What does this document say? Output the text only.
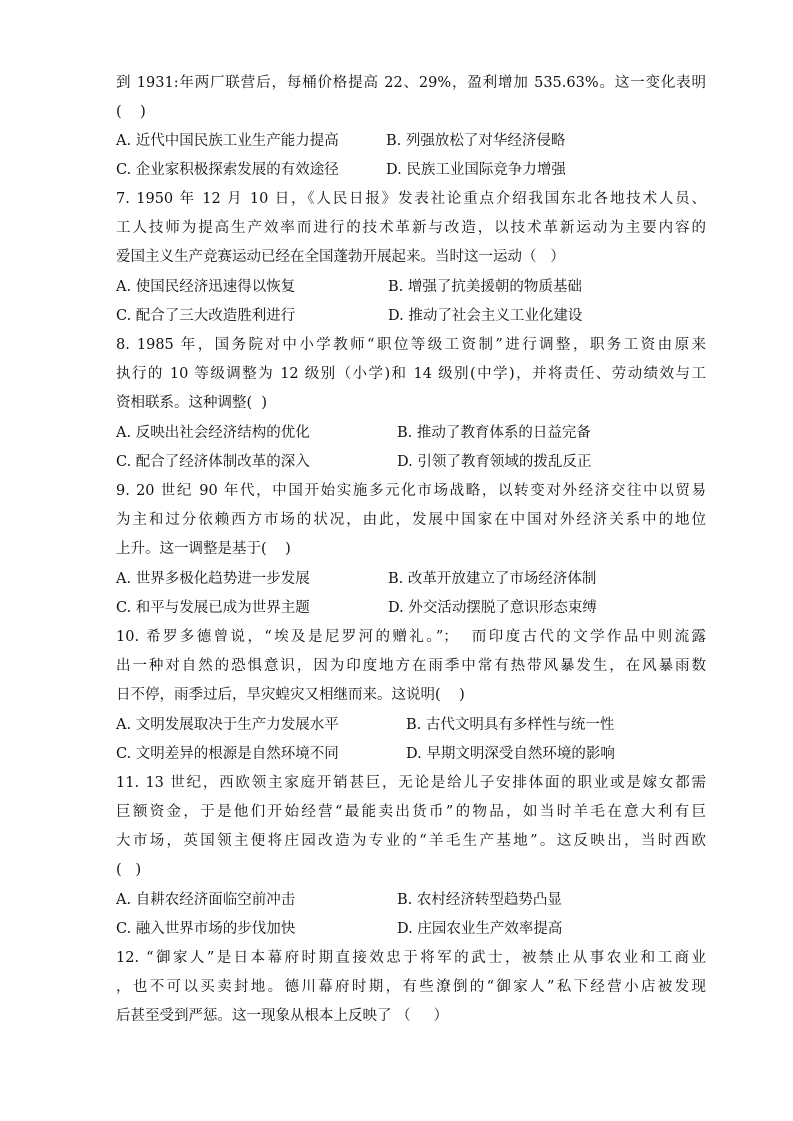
到 1931:年两厂联营后，每桶价格提高 22、29%，盈利增加 535.63%。这一变化表明
(    )
A. 近代中国民族工业生产能力提高	B. 列强放松了对华经济侵略
C. 企业家积极探索发展的有效途径	D. 民族工业国际竞争力增强
7. 1950 年 12 月 10 日，《人民日报》发表社论重点介绍我国东北各地技术人员、
工人技师为提高生产效率而进行的技术革新与改造，以技术革新运动为主要内容的
爱国主义生产竞赛运动已经在全国蓬勃开展起来。当时这一运动（   ）
A. 使国民经济迅速得以恢复	B. 增强了抗美援朝的物质基础
C. 配合了三大改造胜利进行	D. 推动了社会主义工业化建设
8. 1985 年，国务院对中小学教师“职位等级工资制”进行调整，职务工资由原来
执行的 10 等级调整为 12 级别（小学)和 14 级别(中学)，并将责任、劳动绩效与工
资相联系。这种调整(  )
A. 反映出社会经济结构的优化	B. 推动了教育体系的日益完备
C. 配合了经济体制改革的深入	D. 引领了教育领域的拨乱反正
9. 20 世纪 90 年代，中国开始实施多元化市场战略，以转变对外经济交往中以贸易
为主和过分依赖西方市场的状况，由此，发展中国家在中国对外经济关系中的地位
上升。这一调整是基于(    )
A. 世界多极化趋势进一步发展	B. 改革开放建立了市场经济体制
C. 和平与发展已成为世界主题	D. 外交活动摆脱了意识形态束缚
10. 希罗多德曾说，“埃及是尼罗河的赠礼。”；  而印度古代的文学作品中则流露
出一种对自然的恐惧意识，因为印度地方在雨季中常有热带风暴发生，在风暴雨数
日不停，雨季过后，旱灾蝗灾又相继而来。这说明(    )
A. 文明发展取决于生产力发展水平	B. 古代文明具有多样性与统一性
C. 文明差异的根源是自然环境不同	D. 早期文明深受自然环境的影响
11. 13 世纪，西欧领主家庭开销甚巨，无论是给儿子安排体面的职业或是嫁女都需
巨额资金，于是他们开始经营“最能卖出货币”的物品，如当时羊毛在意大利有巨
大市场，英国领主便将庄园改造为专业的“羊毛生产基地”。这反映出，当时西欧
(   )
A. 自耕农经济面临空前冲击	B. 农村经济转型趋势凸显
C. 融入世界市场的步伐加快	D. 庄园农业生产效率提高
12. “御家人”是日本幕府时期直接效忠于将军的武士，被禁止从事农业和工商业
，也不可以买卖封地。德川幕府时期，有些潦倒的“御家人”私下经营小店被发现
后甚至受到严惩。这一现象从根本上反映了 （     ）
